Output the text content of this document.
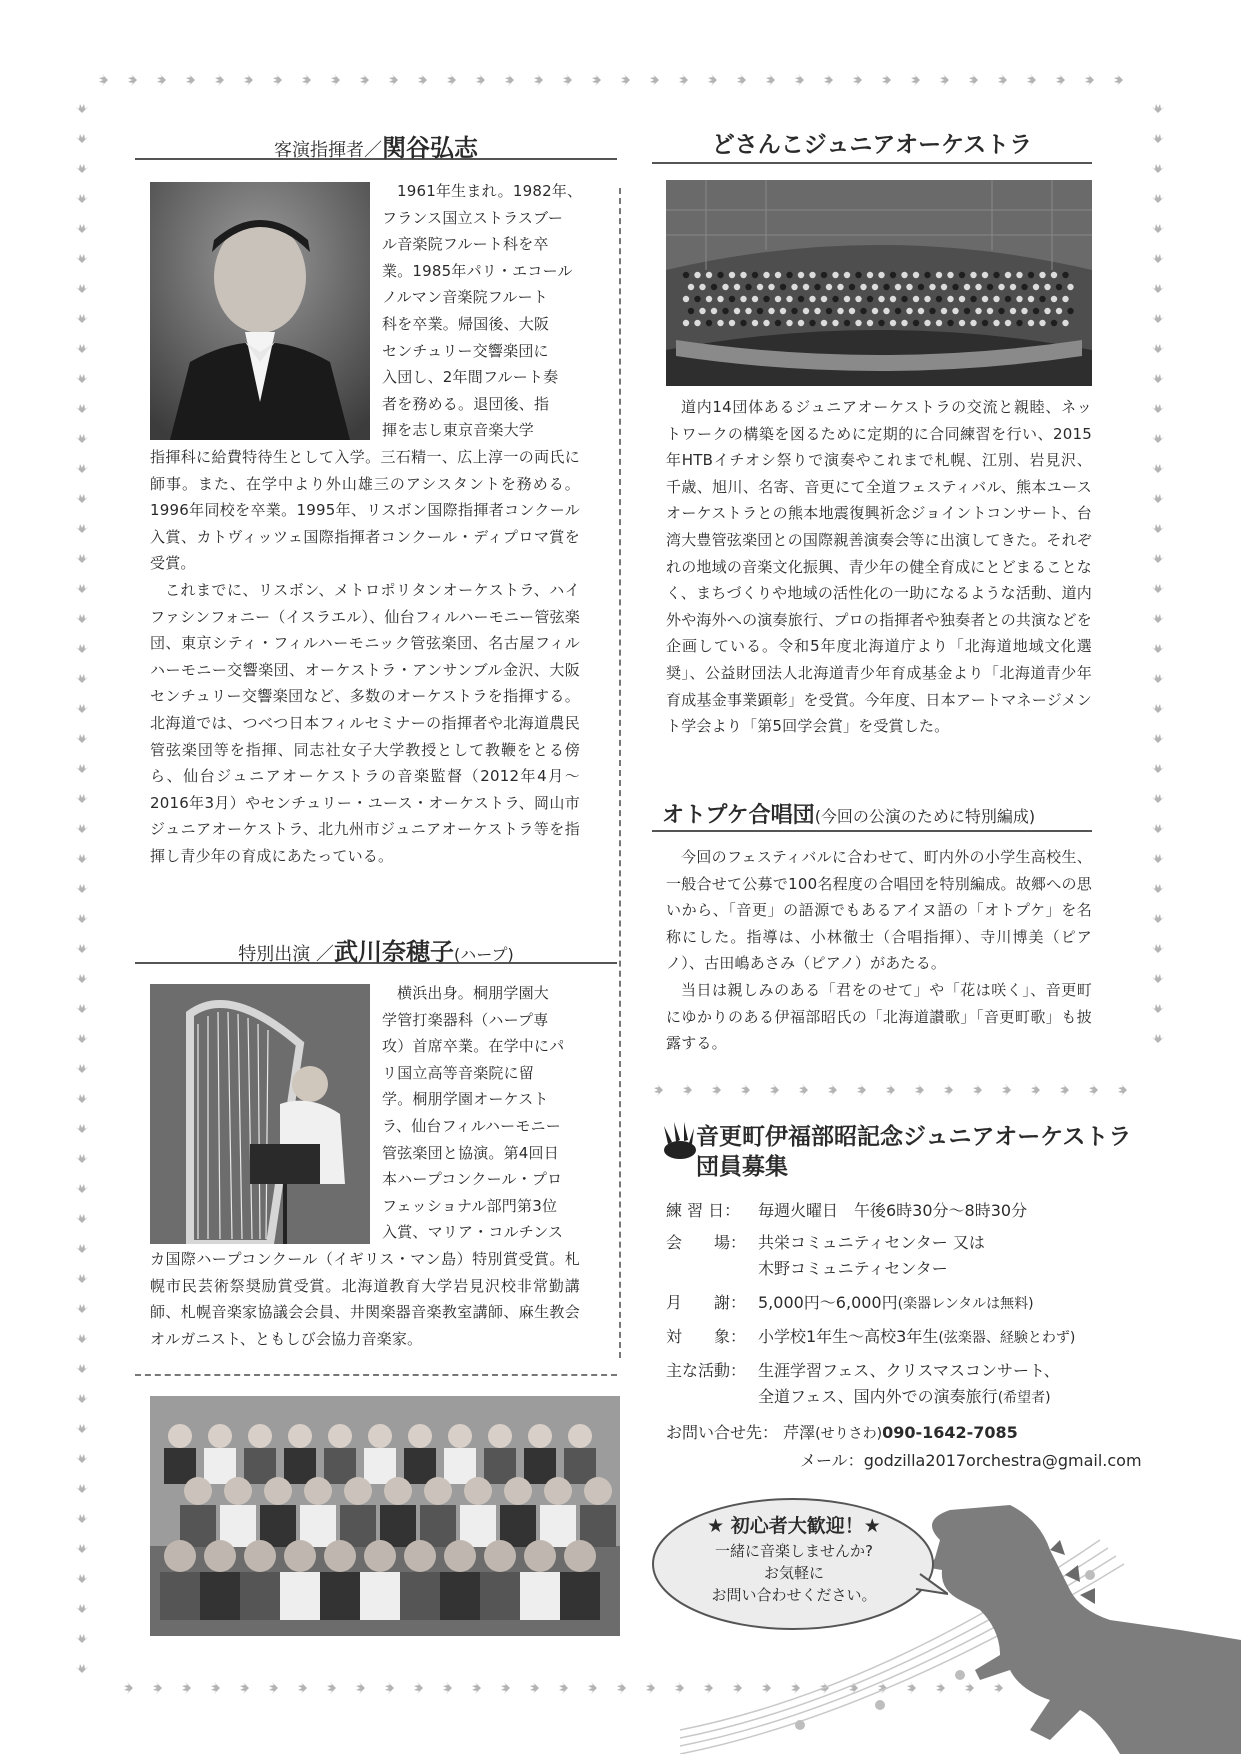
客演指揮者／関谷弘志
1961年生まれ。1982年、
フランス国立ストラスブー
ル音楽院フルート科を卒
業。1985年パリ・エコール
ノルマン音楽院フルート
科を卒業。帰国後、大阪
センチュリー交響楽団に
入団し、2年間フルート奏
者を務める。退団後、指
揮を志し東京音楽大学

指揮科に給費特待生として入学。三石精一、広上淳一の両氏に師事。また、在学中より外山雄三のアシスタントを務める。1996年同校を卒業。1995年、リスボン国際指揮者コンクール入賞、カトヴィッツェ国際指揮者コンクール・ディプロマ賞を受賞。

これまでに、リスボン、メトロポリタンオーケストラ、ハイファシンフォニー（イスラエル）、仙台フィルハーモニー管弦楽団、東京シティ・フィルハーモニック管弦楽団、名古屋フィルハーモニー交響楽団、オーケストラ・アンサンブル金沢、大阪センチュリー交響楽団など、多数のオーケストラを指揮する。北海道では、つべつ日本フィルセミナーの指揮者や北海道農民管弦楽団等を指揮、同志社女子大学教授として教鞭をとる傍ら、仙台ジュニアオーケストラの音楽監督（2012年4月〜2016年3月）やセンチュリー・ユース・オーケストラ、岡山市ジュニアオーケストラ、北九州市ジュニアオーケストラ等を指揮し青少年の育成にあたっている。

特別出演 ／武川奈穂子(ハープ)
横浜出身。桐朋学園大
学管打楽器科（ハープ専
攻）首席卒業。在学中にパ
リ国立高等音楽院に留
学。桐朋学園オーケスト
ラ、仙台フィルハーモニー
管弦楽団と協演。第4回日
本ハープコンクール・プロ
フェッショナル部門第3位
入賞、マリア・コルチンス

カ国際ハープコンクール（イギリス・マン島）特別賞受賞。札幌市民芸術祭奨励賞受賞。北海道教育大学岩見沢校非常勤講師、札幌音楽家協議会会員、井関楽器音楽教室講師、麻生教会オルガニスト、ともしび会協力音楽家。

どさんこジュニアオーケストラ

道内14団体あるジュニアオーケストラの交流と親睦、ネットワークの構築を図るために定期的に合同練習を行い、2015年HTBイチオシ祭りで演奏やこれまで札幌、江別、岩見沢、千歳、旭川、名寄、音更にて全道フェスティバル、熊本ユースオーケストラとの熊本地震復興祈念ジョイントコンサート、台湾大豊管弦楽団との国際親善演奏会等に出演してきた。それぞれの地域の音楽文化振興、青少年の健全育成にとどまることなく、まちづくりや地域の活性化の一助になるような活動、道内外や海外への演奏旅行、プロの指揮者や独奏者との共演などを企画している。令和5年度北海道庁より「北海道地域文化選奨」、公益財団法人北海道青少年育成基金より「北海道青少年育成基金事業顕彰」を受賞。今年度、日本アートマネージメント学会より「第5回学会賞」を受賞した。

オトプケ合唱団(今回の公演のために特別編成)

今回のフェスティバルに合わせて、町内外の小学生高校生、一般合せて公募で100名程度の合唱団を特別編成。故郷への思いから、「音更」の語源でもあるアイヌ語の「オトプケ」を名称にした。指導は、小林徹士（合唱指揮）、寺川博美（ピアノ）、古田嶋あさみ（ピアノ）があたる。

当日は親しみのある「君をのせて」や「花は咲く」、音更町にゆかりのある伊福部昭氏の「北海道讃歌」「音更町歌」も披露する。

音更町伊福部昭記念ジュニアオーケストラ
団員募集
練 習 日： 毎週火曜日　午後6時30分〜8時30分
会　　場： 共栄コミュニティセンター 又は
木野コミュニティセンター
月　　謝： 5,000円〜6,000円(楽器レンタルは無料)
対　　象： 小学校1年生〜高校3年生(弦楽器、経験とわず)
主な活動： 生涯学習フェス、クリスマスコンサート、
全道フェス、国内外での演奏旅行(希望者)
お問い合せ先： 芹澤(せりさわ)090-1642-7085
メール：godzilla2017orchestra@gmail.com
★ 初心者大歓迎！★
一緒に音楽しませんか?
お気軽に
お問い合わせください。
